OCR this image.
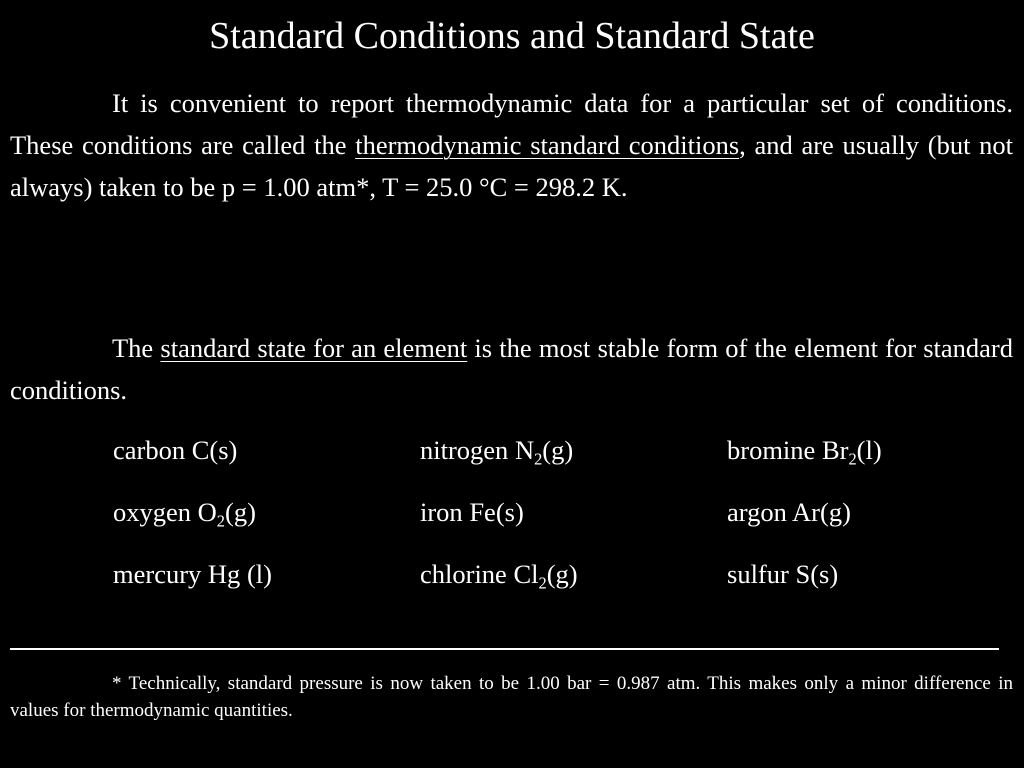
Standard Conditions and Standard State
It is convenient to report thermodynamic data for a particular set of conditions. These conditions are called the thermodynamic standard conditions, and are usually (but not always) taken to be p = 1.00 atm*, T = 25.0 °C = 298.2 K.
The standard state for an element is the most stable form of the element for standard conditions.
carbon C(s)	nitrogen $N_2(g)$	bromine $Br_2(l)$
oxygen $O_2(g)$	iron Fe(s)	argon Ar(g)
mercury Hg (l)	chlorine $Cl_2(g)$	sulfur S(s)
* Technically, standard pressure is now taken to be 1.00 bar = 0.987 atm. This makes only a minor difference in values for thermodynamic quantities.
